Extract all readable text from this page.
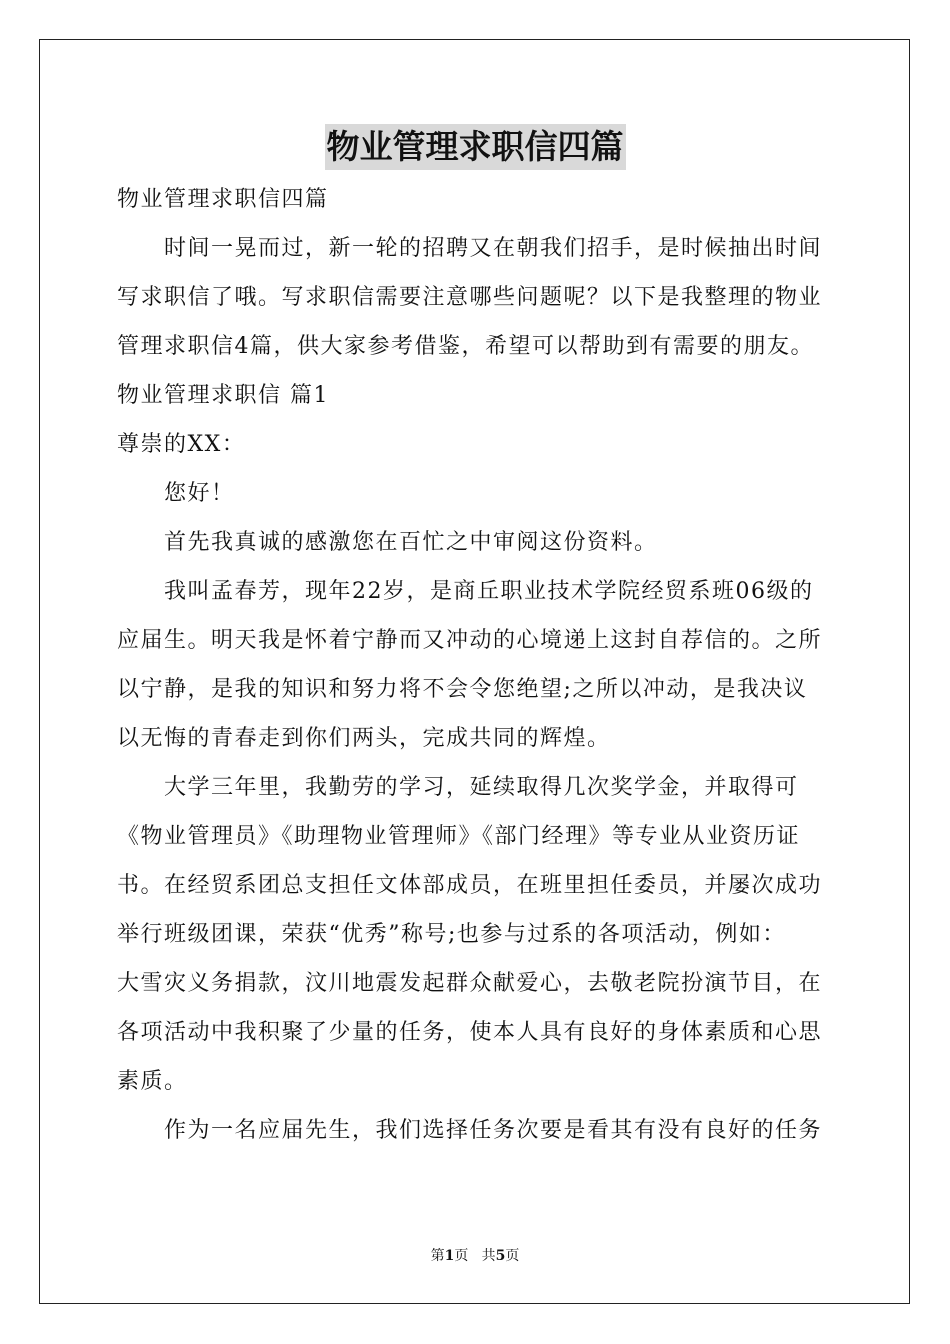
物业管理求职信四篇

物业管理求职信四篇

时间一晃而过，新一轮的招聘又在朝我们招手，是时候抽出时间

写求职信了哦。写求职信需要注意哪些问题呢？以下是我整理的物业

管理求职信4篇，供大家参考借鉴，希望可以帮助到有需要的朋友。

物业管理求职信 篇1

尊崇的XX：

您好！

首先我真诚的感激您在百忙之中审阅这份资料。

我叫孟春芳，现年22岁，是商丘职业技术学院经贸系班06级的

应届生。明天我是怀着宁静而又冲动的心境递上这封自荐信的。之所

以宁静，是我的知识和努力将不会令您绝望;之所以冲动，是我决议

以无悔的青春走到你们两头，完成共同的辉煌。

大学三年里，我勤劳的学习，延续取得几次奖学金，并取得可

《物业管理员》《助理物业管理师》《部门经理》等专业从业资历证

书。在经贸系团总支担任文体部成员，在班里担任委员，并屡次成功

举行班级团课，荣获“优秀”称号;也参与过系的各项活动，例如：

大雪灾义务捐款，汶川地震发起群众献爱心，去敬老院扮演节目，在

各项活动中我积聚了少量的任务，使本人具有良好的身体素质和心思

素质。

作为一名应届先生，我们选择任务次要是看其有没有良好的任务

第1页 共5页
